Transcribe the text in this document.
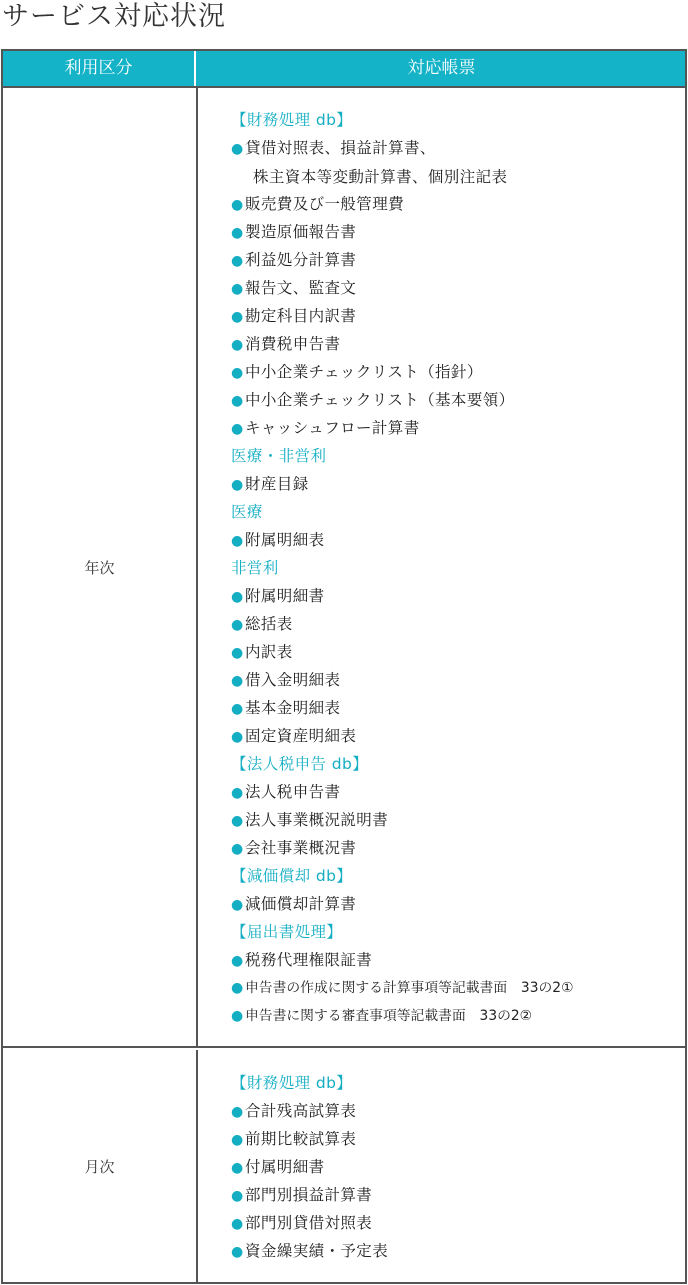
サービス対応状況
利用区分	対応帳票
年次
【財務処理 db】
●貸借対照表、損益計算書、
株主資本等変動計算書、個別注記表
●販売費及び一般管理費
●製造原価報告書
●利益処分計算書
●報告文、監査文
●勘定科目内訳書
●消費税申告書
●中小企業チェックリスト（指針）
●中小企業チェックリスト（基本要領）
●キャッシュフロー計算書
医療・非営利
●財産目録
医療
●附属明細表
非営利
●附属明細書
●総括表
●内訳表
●借入金明細表
●基本金明細表
●固定資産明細表
【法人税申告 db】
●法人税申告書
●法人事業概況説明書
●会社事業概況書
【減価償却 db】
●減価償却計算書
【届出書処理】
●税務代理権限証書
● 申告書の作成に関する計算事項等記載書面　33の2①
● 申告書に関する審査事項等記載書面　33の2②
月次
【財務処理 db】
●合計残高試算表
●前期比較試算表
●付属明細書
●部門別損益計算書
●部門別貸借対照表
●資金繰実績・予定表
